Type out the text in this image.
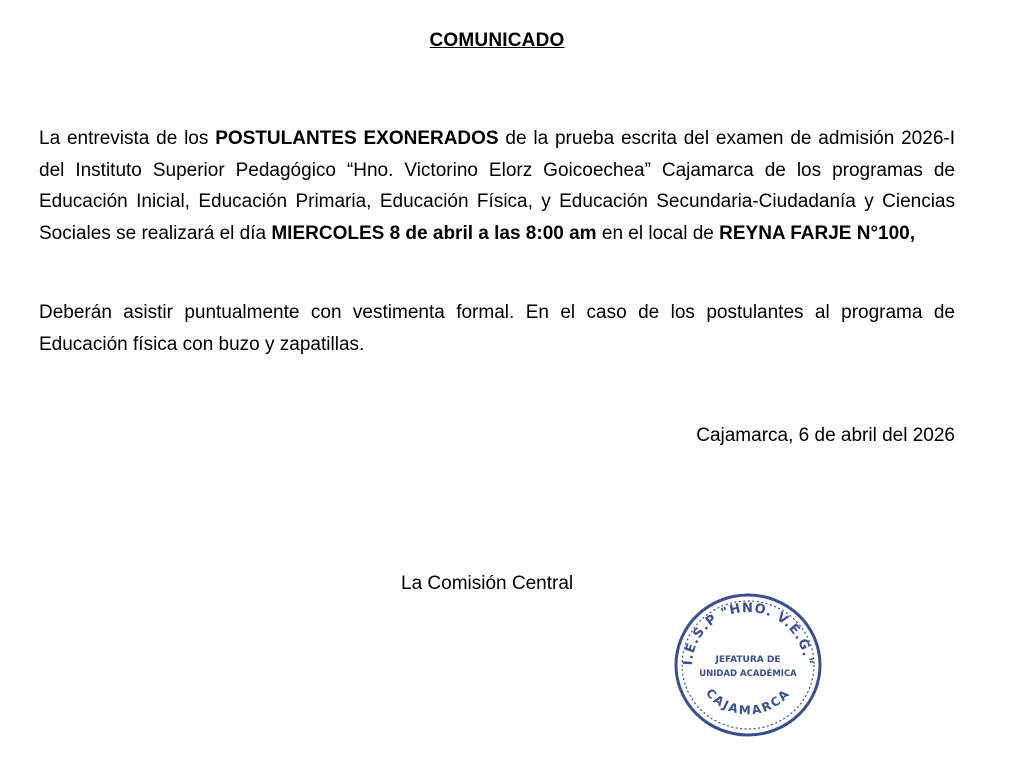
COMUNICADO

La entrevista de los POSTULANTES EXONERADOS de la prueba escrita del examen de admisión 2026-I del Instituto Superior Pedagógico “Hno. Victorino Elorz Goicoechea” Cajamarca de los programas de Educación Inicial, Educación Primaria, Educación Física, y Educación Secundaria-Ciudadanía y Ciencias Sociales se realizará el día MIERCOLES 8 de abril a las 8:00 am en el local de REYNA FARJE N°100,

Deberán asistir puntualmente con vestimenta formal. En el caso de los postulantes al programa de Educación física con buzo y zapatillas.

Cajamarca, 6 de abril del 2026
La Comisión Central
I.E.S.P "HNO. V.E.G."
CAJAMARCA
JEFATURA DE
UNIDAD ACADÉMICA
